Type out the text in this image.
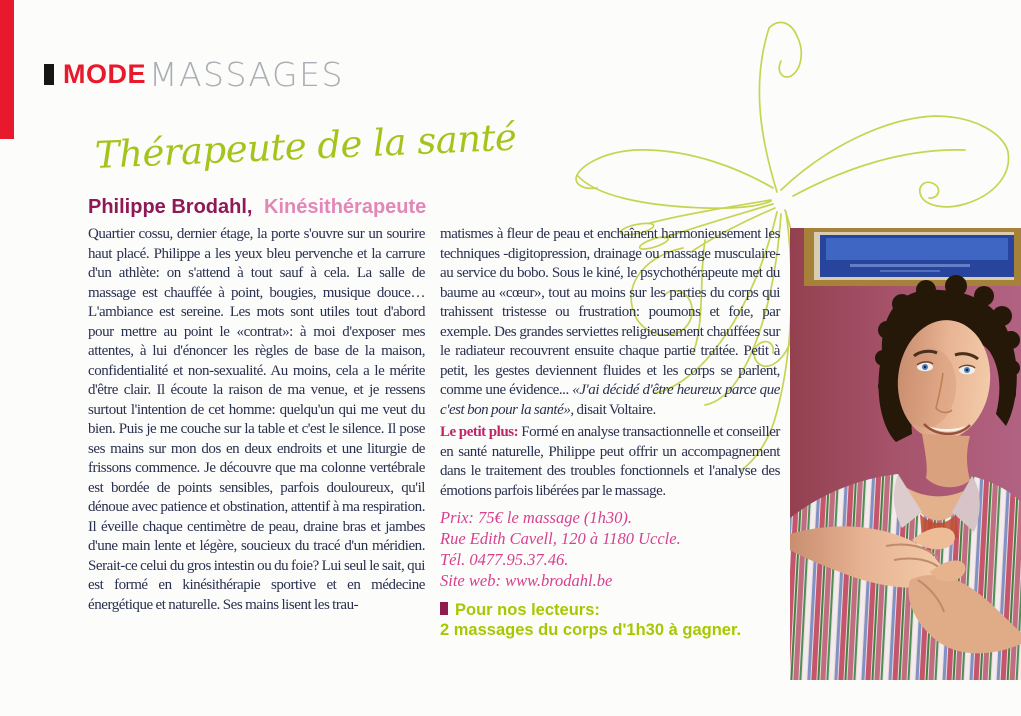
MODE MASSAGES
Thérapeute de la santé
Philippe Brodahl, Kinésithérapeute
Quartier cossu, dernier étage, la porte s'ouvre sur un sourire haut placé. Philippe a les yeux bleu pervenche et la carrure d'un athlète: on s'attend à tout sauf à cela. La salle de massage est chauffée à point, bougies, musique douce… L'ambiance est sereine. Les mots sont utiles tout d'abord pour mettre au point le «contrat»: à moi d'exposer mes attentes, à lui d'énoncer les règles de base de la maison, confidentialité et non-sexualité. Au moins, cela a le mérite d'être clair. Il écoute la raison de ma venue, et je ressens surtout l'intention de cet homme: quelqu'un qui me veut du bien. Puis je me couche sur la table et c'est le silence. Il pose ses mains sur mon dos en deux endroits et une liturgie de frissons commence. Je découvre que ma colonne vertébrale est bordée de points sensibles, parfois douloureux, qu'il dénoue avec patience et obstination, attentif à ma respiration. Il éveille chaque centimètre de peau, draine bras et jambes d'une main lente et légère, soucieux du tracé d'un méridien. Serait-ce celui du gros intestin ou du foie? Lui seul le sait, qui est formé en kinésithérapie sportive et en médecine énergétique et naturelle. Ses mains lisent les trau-
matismes à fleur de peau et enchaînent harmonieusement les techniques -digitopression, drainage ou massage musculaire- au service du bobo. Sous le kiné, le psychothérapeute met du baume au «cœur», tout au moins sur les parties du corps qui trahissent tristesse ou frustration: poumons et foie, par exemple. Des grandes serviettes religieusement chauffées sur le radiateur recouvrent ensuite chaque partie traitée. Petit à petit, les gestes deviennent fluides et les corps se parlent, comme une évidence... «J'ai décidé d'être heureux parce que c'est bon pour la santé», disait Voltaire.
Le petit plus: Formé en analyse transactionnelle et conseiller en santé naturelle, Philippe peut offrir un accompagnement dans le traitement des troubles fonctionnels et l'analyse des émotions parfois libérées par le massage.
Prix: 75€ le massage (1h30).
Rue Edith Cavell, 120 à 1180 Uccle.
Tél. 0477.95.37.46.
Site web: www.brodahl.be
Pour nos lecteurs:
2 massages du corps d'1h30 à gagner.
